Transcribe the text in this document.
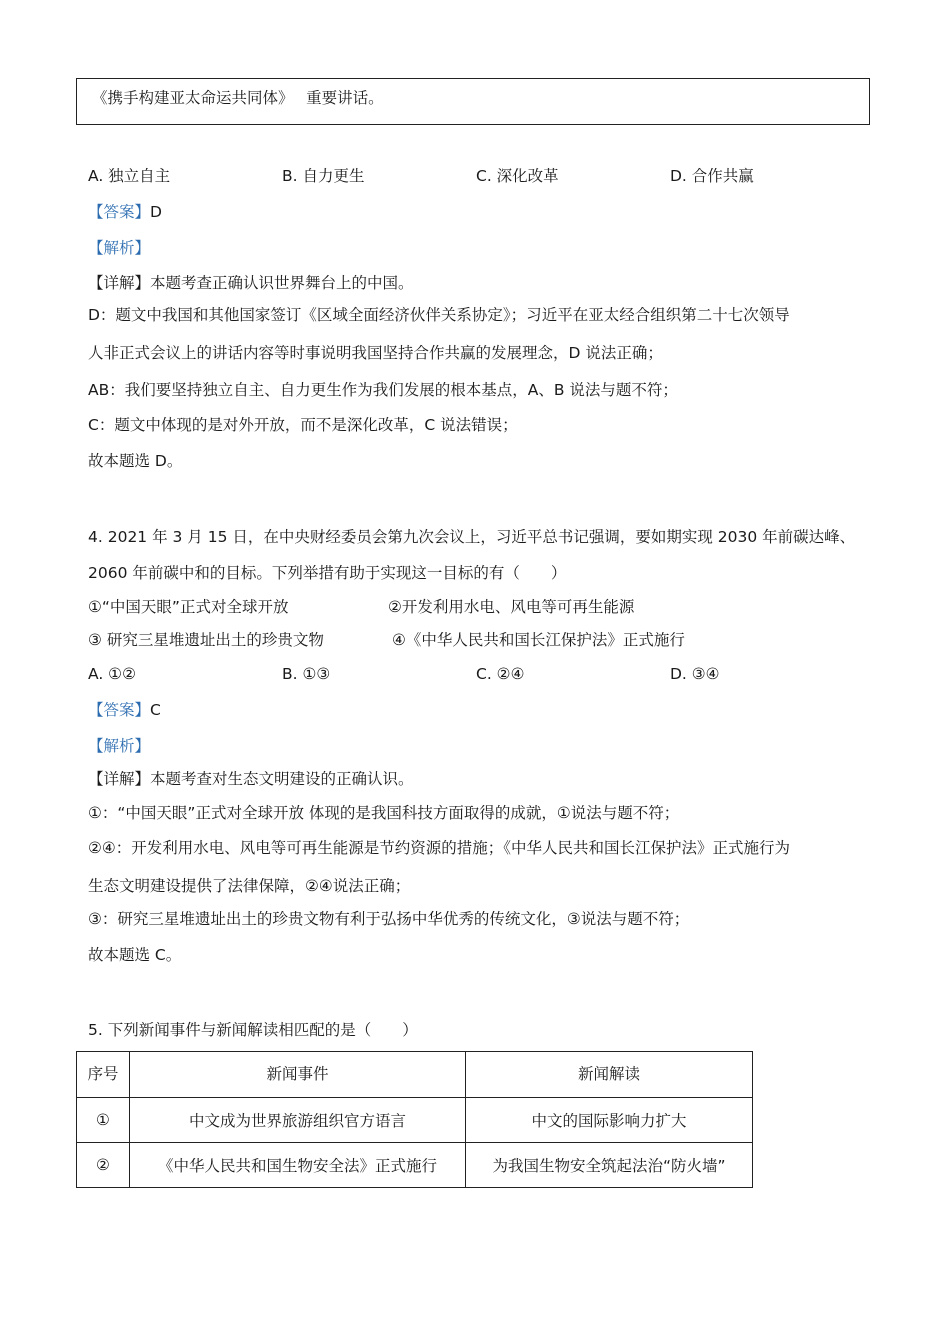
《携手构建亚太命运共同体》　 重要讲话。
A. 独立自主	B. 自力更生	C. 深化改革	D. 合作共赢
【答案】D
【解析】
【详解】本题考查正确认识世界舞台上的中国。
D：题文中我国和其他国家签订《区域全面经济伙伴关系协定》；习近平在亚太经合组织第二十七次领导
人非正式会议上的讲话内容等时事说明我国坚持合作共赢的发展理念，D 说法正确；
AB：我们要坚持独立自主、自力更生作为我们发展的根本基点，A、B 说法与题不符；
C：题文中体现的是对外开放，而不是深化改革，C 说法错误；
故本题选 D。
4. 2021 年 3 月 15 日，在中央财经委员会第九次会议上，习近平总书记强调，要如期实现 2030 年前碳达峰、
2060 年前碳中和的目标。下列举措有助于实现这一目标的有（　　）
①“中国天眼”正式对全球开放	②开发利用水电、风电等可再生能源
③ 研究三星堆遗址出土的珍贵文物	④《中华人民共和国长江保护法》正式施行
A. ①②	B. ①③	C. ②④	D. ③④
【答案】C
【解析】
【详解】本题考查对生态文明建设的正确认识。
①：“中国天眼”正式对全球开放 体现的是我国科技方面取得的成就，①说法与题不符；
②④：开发利用水电、风电等可再生能源是节约资源的措施；《中华人民共和国长江保护法》正式施行为
生态文明建设提供了法律保障，②④说法正确；
③：研究三星堆遗址出土的珍贵文物有利于弘扬中华优秀的传统文化，③说法与题不符；
故本题选 C。
5. 下列新闻事件与新闻解读相匹配的是（　　）
序号	新闻事件	新闻解读
①	中文成为世界旅游组织官方语言	中文的国际影响力扩大
②	《中华人民共和国生物安全法》正式施行	为我国生物安全筑起法治“防火墙”
